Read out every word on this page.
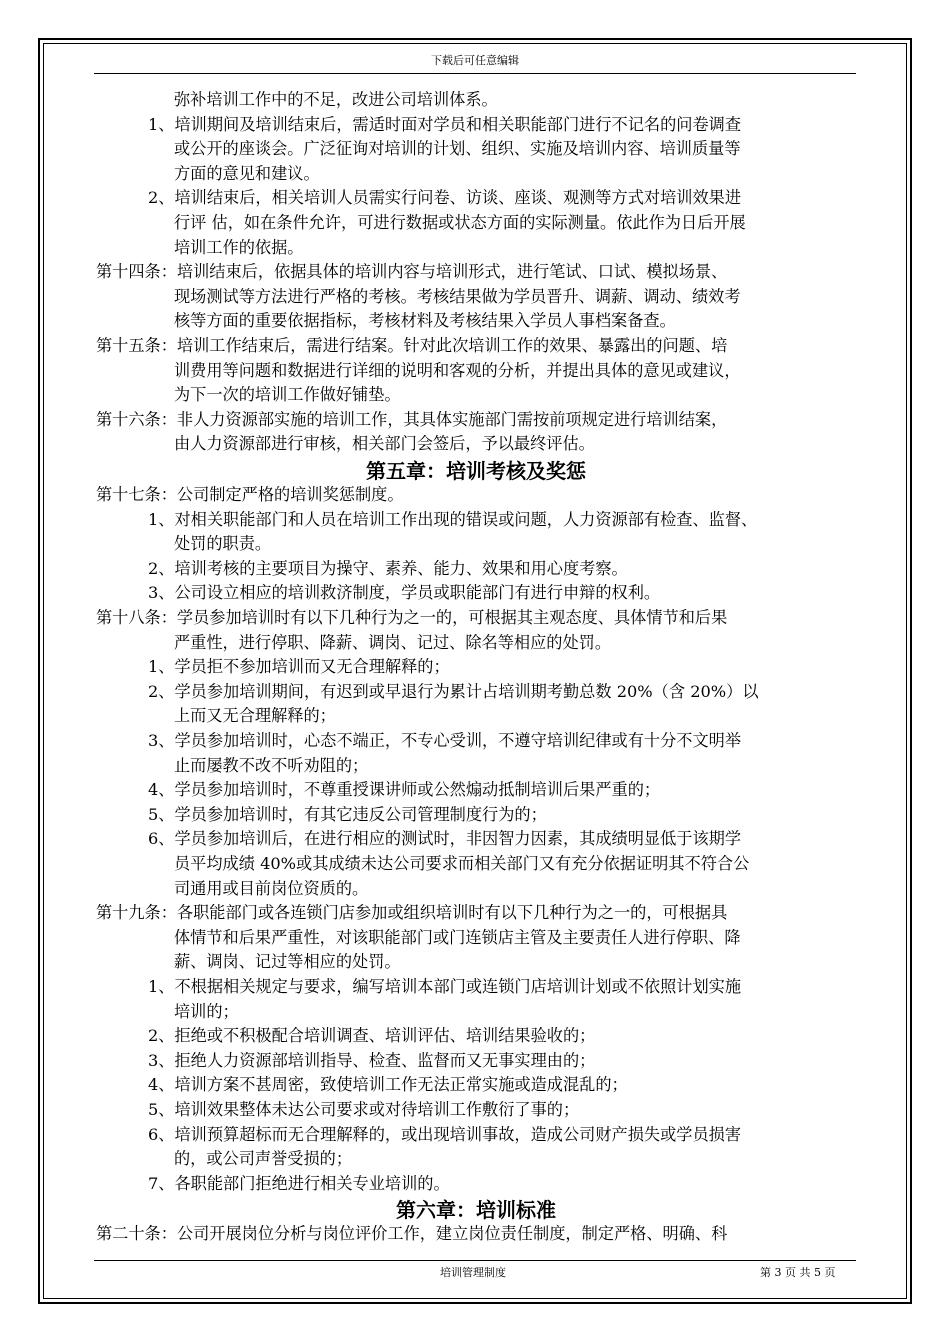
下载后可任意编辑
弥补培训工作中的不足，改进公司培训体系。
1、培训期间及培训结束后，需适时面对学员和相关职能部门进行不记名的问卷调查
或公开的座谈会。广泛征询对培训的计划、组织、实施及培训内容、培训质量等
方面的意见和建议。
2、培训结束后，相关培训人员需实行问卷、访谈、座谈、观测等方式对培训效果进
行评 估，如在条件允许，可进行数据或状态方面的实际测量。依此作为日后开展
培训工作的依据。
第十四条：培训结束后，依据具体的培训内容与培训形式，进行笔试、口试、模拟场景、
现场测试等方法进行严格的考核。考核结果做为学员晋升、调薪、调动、绩效考
核等方面的重要依据指标，考核材料及考核结果入学员人事档案备查。
第十五条：培训工作结束后，需进行结案。针对此次培训工作的效果、暴露出的问题、培
训费用等问题和数据进行详细的说明和客观的分析，并提出具体的意见或建议，
为下一次的培训工作做好铺垫。
第十六条：非人力资源部实施的培训工作，其具体实施部门需按前项规定进行培训结案，
由人力资源部进行审核，相关部门会签后，予以最终评估。
第五章：培训考核及奖惩
第十七条：公司制定严格的培训奖惩制度。
1、对相关职能部门和人员在培训工作出现的错误或问题，人力资源部有检查、监督、
处罚的职责。
2、培训考核的主要项目为操守、素养、能力、效果和用心度考察。
3、公司设立相应的培训救济制度，学员或职能部门有进行申辩的权利。
第十八条：学员参加培训时有以下几种行为之一的，可根据其主观态度、具体情节和后果
严重性，进行停职、降薪、调岗、记过、除名等相应的处罚。
1、学员拒不参加培训而又无合理解释的；
2、学员参加培训期间，有迟到或早退行为累计占培训期考勤总数 20%（含 20%）以
上而又无合理解释的；
3、学员参加培训时，心态不端正，不专心受训，不遵守培训纪律或有十分不文明举
止而屡教不改不听劝阻的；
4、学员参加培训时，不尊重授课讲师或公然煽动抵制培训后果严重的；
5、学员参加培训时，有其它违反公司管理制度行为的；
6、学员参加培训后，在进行相应的测试时，非因智力因素，其成绩明显低于该期学
员平均成绩 40%或其成绩未达公司要求而相关部门又有充分依据证明其不符合公
司通用或目前岗位资质的。
第十九条：各职能部门或各连锁门店参加或组织培训时有以下几种行为之一的，可根据具
体情节和后果严重性，对该职能部门或门连锁店主管及主要责任人进行停职、降
薪、调岗、记过等相应的处罚。
1、不根据相关规定与要求，编写培训本部门或连锁门店培训计划或不依照计划实施
培训的；
2、拒绝或不积极配合培训调查、培训评估、培训结果验收的；
3、拒绝人力资源部培训指导、检查、监督而又无事实理由的；
4、培训方案不甚周密，致使培训工作无法正常实施或造成混乱的；
5、培训效果整体未达公司要求或对待培训工作敷衍了事的；
6、培训预算超标而无合理解释的，或出现培训事故，造成公司财产损失或学员损害
的，或公司声誉受损的；
7、各职能部门拒绝进行相关专业培训的。
第六章：培训标准
第二十条：公司开展岗位分析与岗位评价工作，建立岗位责任制度，制定严格、明确、科
培训管理制度	第 3 页 共 5 页
